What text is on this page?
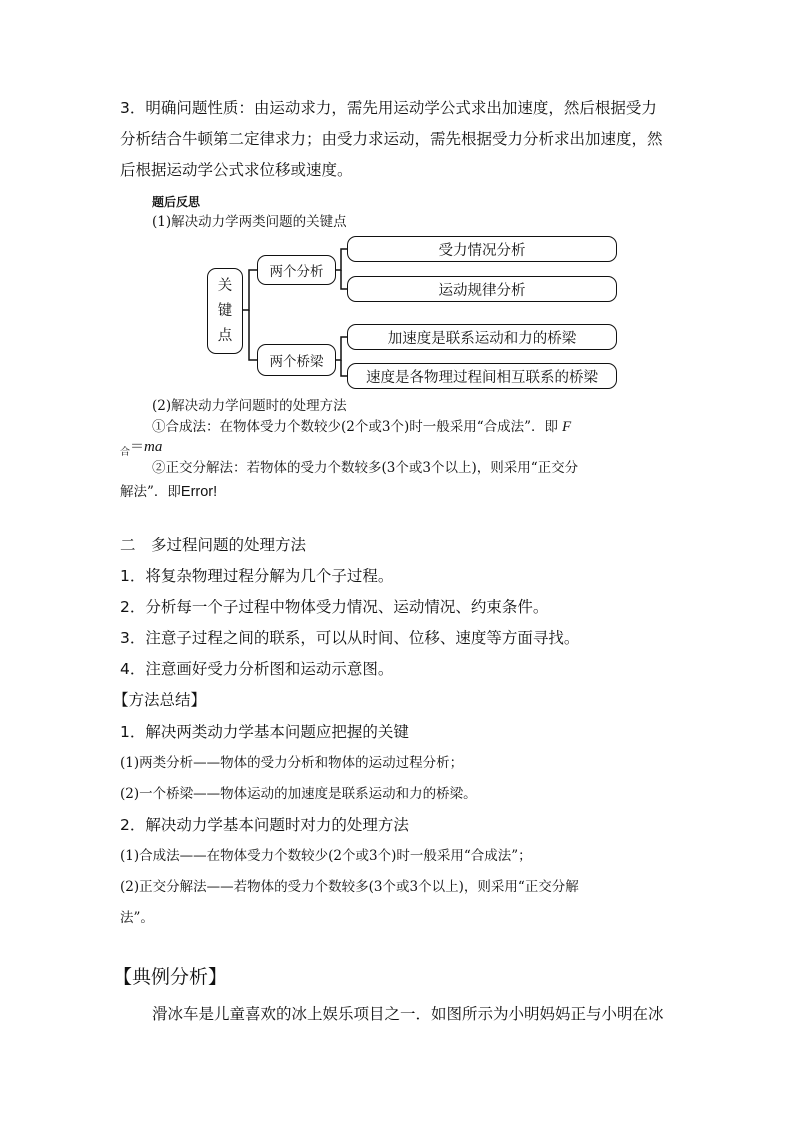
3．明确问题性质：由运动求力，需先用运动学公式求出加速度，然后根据受力
分析结合牛顿第二定律求力；由受力求运动，需先根据受力分析求出加速度，然
后根据运动学公式求位移或速度。
题后反思
(1)解决动力学两类问题的关键点
关
键
点
两个分析
两个桥梁
受力情况分析
运动规律分析
加速度是联系运动和力的桥梁
速度是各物理过程间相互联系的桥梁
(2)解决动力学问题时的处理方法
①合成法：在物体受力个数较少(2个或3个)时一般采用“合成法”．即 F
$_合$＝ma
②正交分解法：若物体的受力个数较多(3个或3个以上)，则采用“正交分
解法”．即Error!
二　多过程问题的处理方法
1．将复杂物理过程分解为几个子过程。
2．分析每一个子过程中物体受力情况、运动情况、约束条件。
3．注意子过程之间的联系，可以从时间、位移、速度等方面寻找。
4．注意画好受力分析图和运动示意图。
【方法总结】
1．解决两类动力学基本问题应把握的关键
(1)两类分析——物体的受力分析和物体的运动过程分析；
(2)一个桥梁——物体运动的加速度是联系运动和力的桥梁。
2．解决动力学基本问题时对力的处理方法
(1)合成法——在物体受力个数较少(2个或3个)时一般采用“合成法”；
(2)正交分解法——若物体的受力个数较多(3个或3个以上)，则采用“正交分解
法”。
【典例分析】
滑冰车是儿童喜欢的冰上娱乐项目之一．如图所示为小明妈妈正与小明在冰
